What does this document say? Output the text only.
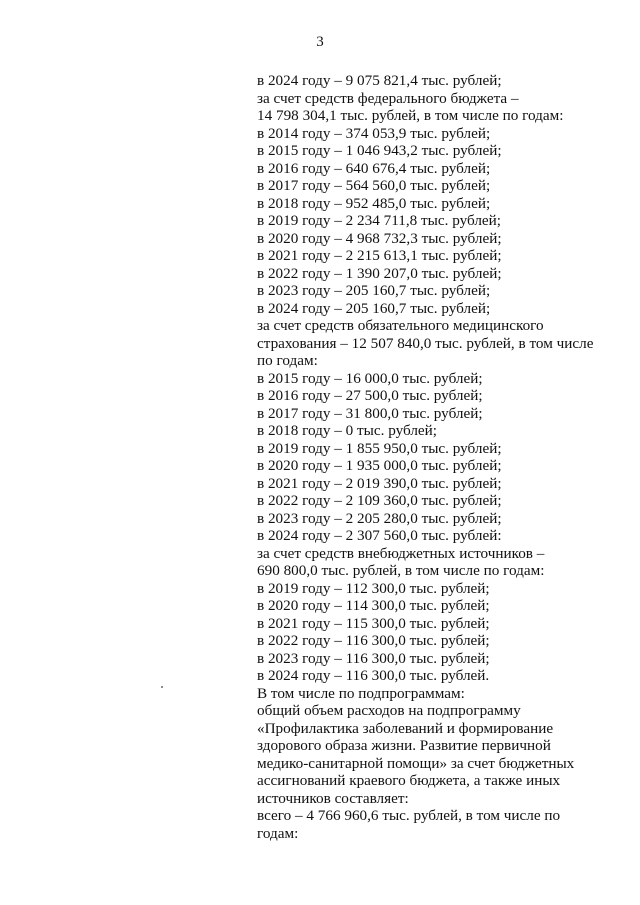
3
в 2024 году – 9 075 821,4 тыс. рублей;
за счет средств федерального бюджета –
14 798 304,1 тыс. рублей, в том числе по годам:
в 2014 году – 374 053,9 тыс. рублей;
в 2015 году – 1 046 943,2 тыс. рублей;
в 2016 году – 640 676,4 тыс. рублей;
в 2017 году – 564 560,0 тыс. рублей;
в 2018 году – 952 485,0 тыс. рублей;
в 2019 году – 2 234 711,8 тыс. рублей;
в 2020 году – 4 968 732,3 тыс. рублей;
в 2021 году – 2 215 613,1 тыс. рублей;
в 2022 году – 1 390 207,0 тыс. рублей;
в 2023 году – 205 160,7 тыс. рублей;
в 2024 году – 205 160,7 тыс. рублей;
за счет средств обязательного медицинского
страхования – 12 507 840,0 тыс. рублей, в том числе
по годам:
в 2015 году – 16 000,0 тыс. рублей;
в 2016 году – 27 500,0 тыс. рублей;
в 2017 году – 31 800,0 тыс. рублей;
в 2018 году – 0 тыс. рублей;
в 2019 году – 1 855 950,0 тыс. рублей;
в 2020 году – 1 935 000,0 тыс. рублей;
в 2021 году – 2 019 390,0 тыс. рублей;
в 2022 году – 2 109 360,0 тыс. рублей;
в 2023 году – 2 205 280,0 тыс. рублей;
в 2024 году – 2 307 560,0 тыс. рублей:
за счет средств внебюджетных источников –
690 800,0 тыс. рублей, в том числе по годам:
в 2019 году – 112 300,0 тыс. рублей;
в 2020 году – 114 300,0 тыс. рублей;
в 2021 году – 115 300,0 тыс. рублей;
в 2022 году – 116 300,0 тыс. рублей;
в 2023 году – 116 300,0 тыс. рублей;
в 2024 году – 116 300,0 тыс. рублей.
В том числе по подпрограммам:
общий объем расходов на подпрограмму
«Профилактика заболеваний и формирование
здорового образа жизни. Развитие первичной
медико-санитарной помощи» за счет бюджетных
ассигнований краевого бюджета, а также иных
источников составляет:
всего – 4 766 960,6 тыс. рублей, в том числе по
годам:
